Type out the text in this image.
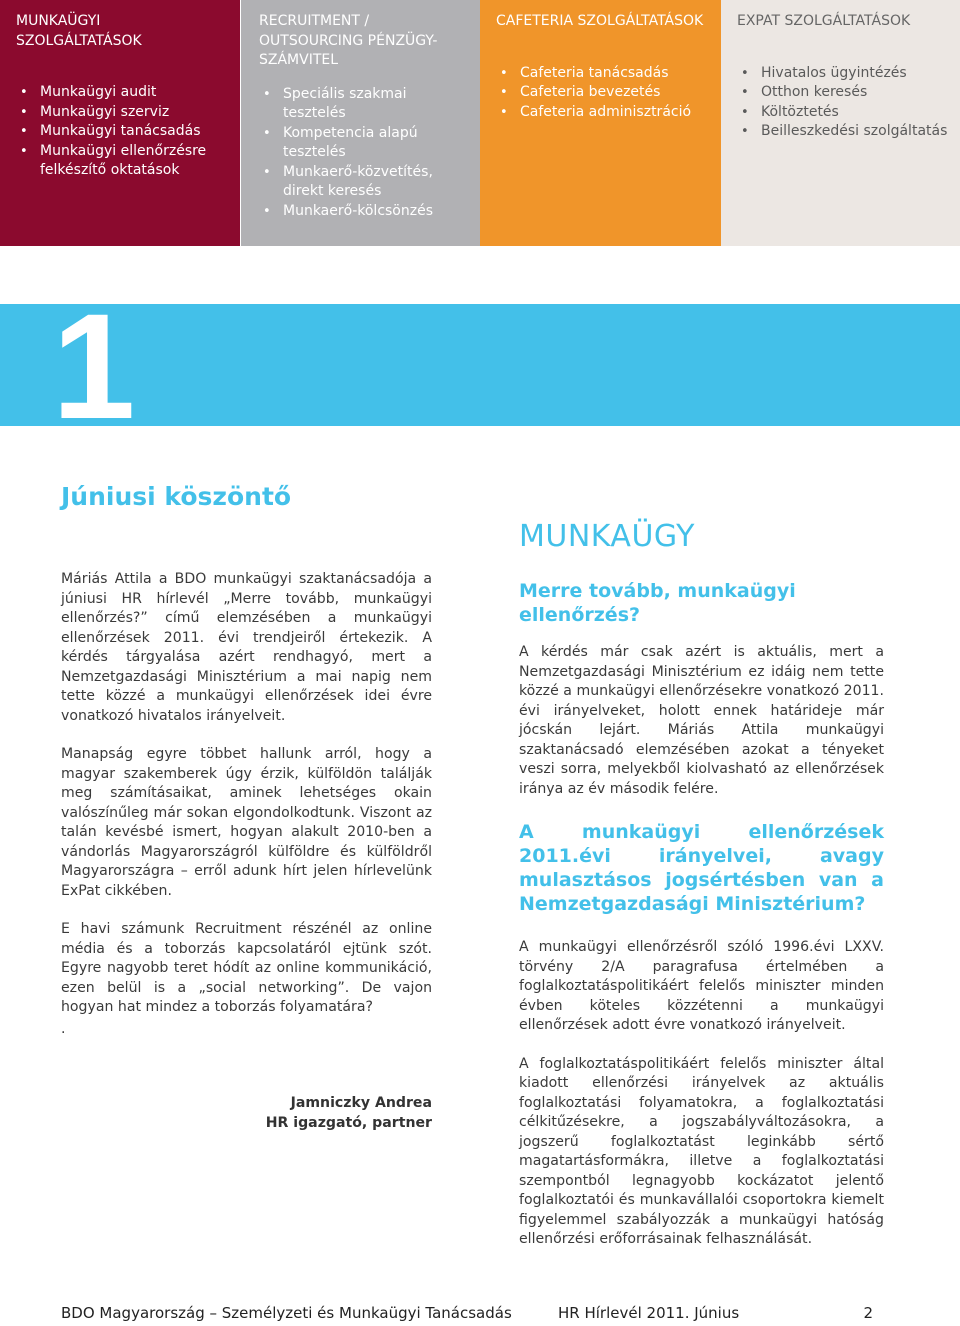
MUNKAÜGYI SZOLGÁLTATÁSOK
• Munkaügyi audit
• Munkaügyi szerviz
• Munkaügyi tanácsadás
• Munkaügyi ellenőrzésre felkészítő oktatások
RECRUITMENT / OUTSOURCING PÉNZÜGY-SZÁMVITEL
• Speciális szakmai tesztelés
• Kompetencia alapú tesztelés
• Munkaerő-közvetítés, direkt keresés
• Munkaerő-kölcsönzés
CAFETERIA SZOLGÁLTATÁSOK
• Cafeteria tanácsadás
• Cafeteria bevezetés
• Cafeteria adminisztráció
EXPAT SZOLGÁLTATÁSOK
• Hivatalos ügyintézés
• Otthon keresés
• Költöztetés
• Beilleszkedési szolgáltatás
1
Júniusi köszöntő

Máriás Attila a BDO munkaügyi szaktanácsadója a júniusi HR hírlevél „Merre tovább, munkaügyi ellenőrzés?” című elemzésében a munkaügyi ellenőrzések 2011. évi trendjeiről értekezik. A kérdés tárgyalása azért rendhagyó, mert a Nemzetgazdasági Minisztérium a mai napig nem tette közzé a munkaügyi ellenőrzések idei évre vonatkozó hivatalos irányelveit.

Manapság egyre többet hallunk arról, hogy a magyar szakemberek úgy érzik, külföldön találják meg számításaikat, aminek lehetséges okain valószínűleg már sokan elgondolkodtunk. Viszont az talán kevésbé ismert, hogyan alakult 2010-ben a vándorlás Magyarországról külföldre és külföldről Magyarországra – erről adunk hírt jelen hírlevelünk ExPat cikkében.

E havi számunk Recruitment részénél az online média és a toborzás kapcsolatáról ejtünk szót. Egyre nagyobb teret hódít az online kommunikáció, ezen belül is a „social networking”. De vajon hogyan hat mindez a toborzás folyamatára?

.
Jamniczky Andrea
HR igazgató, partner
MUNKAÜGY
Merre tovább, munkaügyi ellenőrzés?

A kérdés már csak azért is aktuális, mert a Nemzetgazdasági Minisztérium ez idáig nem tette közzé a munkaügyi ellenőrzésekre vonatkozó 2011. évi irányelveket, holott ennek határideje már jócskán lejárt. Máriás Attila munkaügyi szaktanácsadó elemzésében azokat a tényeket veszi sorra, melyekből kiolvasható az ellenőrzések iránya az év második felére.

A munkaügyi ellenőrzések 2011.évi irányelvei, avagy mulasztásos jogsértésben van a Nemzetgazdasági Minisztérium?

A munkaügyi ellenőrzésről szóló 1996.évi LXXV. törvény 2/A paragrafusa értelmében a foglalkoztatáspolitikáért felelős miniszter minden évben köteles közzétenni a munkaügyi ellenőrzések adott évre vonatkozó irányelveit.

A foglalkoztatáspolitikáért felelős miniszter által kiadott ellenőrzési irányelvek az aktuális foglalkoztatási folyamatokra, a foglalkoztatási célkitűzésekre, a jogszabályváltozásokra, a jogszerű foglalkoztatást leginkább sértő magatartásformákra, illetve a foglalkoztatási szempontból legnagyobb kockázatot jelentő foglalkoztatói és munkavállalói csoportokra kiemelt figyelemmel szabályozzák a munkaügyi hatóság ellenőrzési erőforrásainak felhasználását.

BDO Magyarország – Személyzeti és Munkaügyi Tanácsadás	HR Hírlevél 2011. Június	2
